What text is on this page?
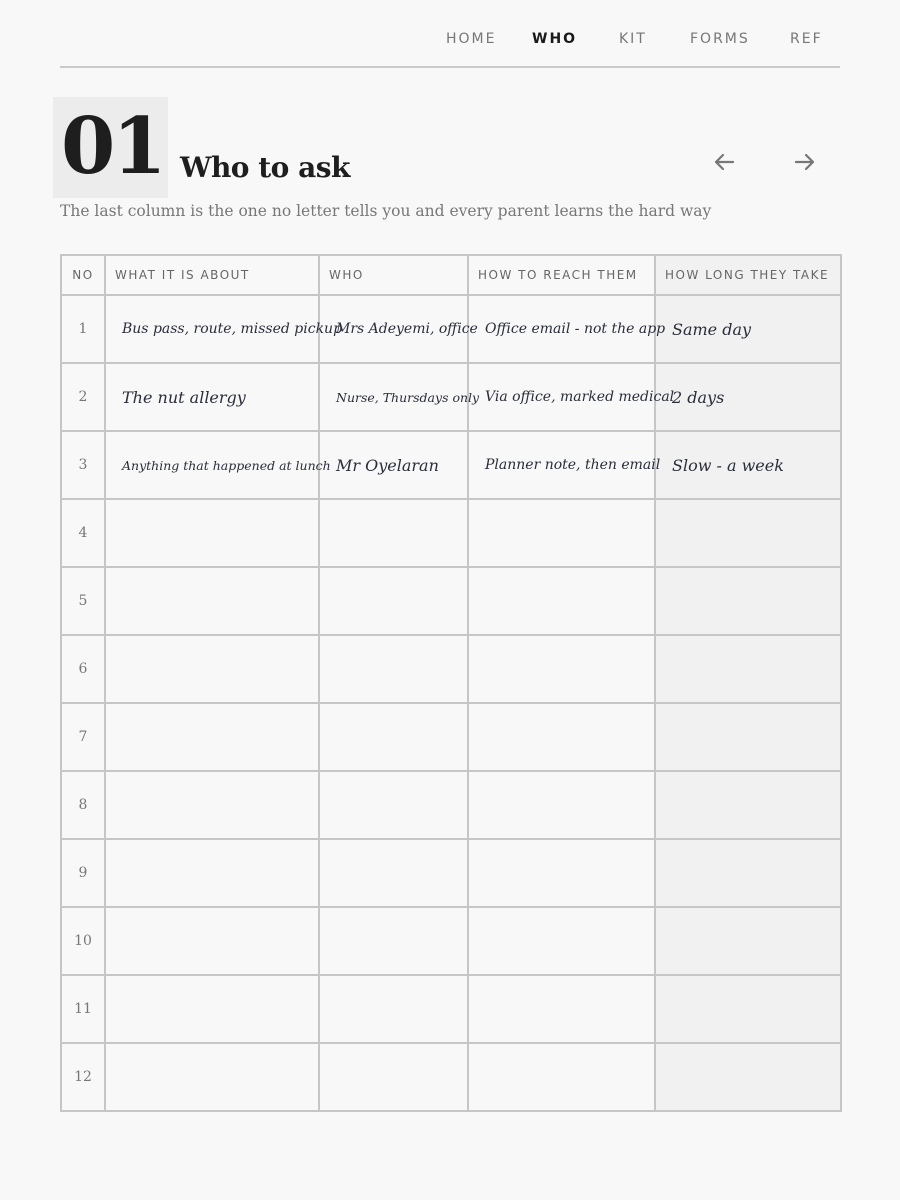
HOME	WHO	KIT	FORMS	REF
01 Who to ask
The last column is the one no letter tells you and every parent learns the hard way
NO	WHAT IT IS ABOUT	WHO	HOW TO REACH THEM	HOW LONG THEY TAKE
1	Bus pass, route, missed pickup	Mrs Adeyemi, office	Office email - not the app	Same day
2	The nut allergy	Nurse, Thursdays only	Via office, marked medical	2 days
3	Anything that happened at lunch	Mr Oyelaran	Planner note, then email	Slow - a week
4				
5				
6				
7				
8				
9				
10				
11				
12				
